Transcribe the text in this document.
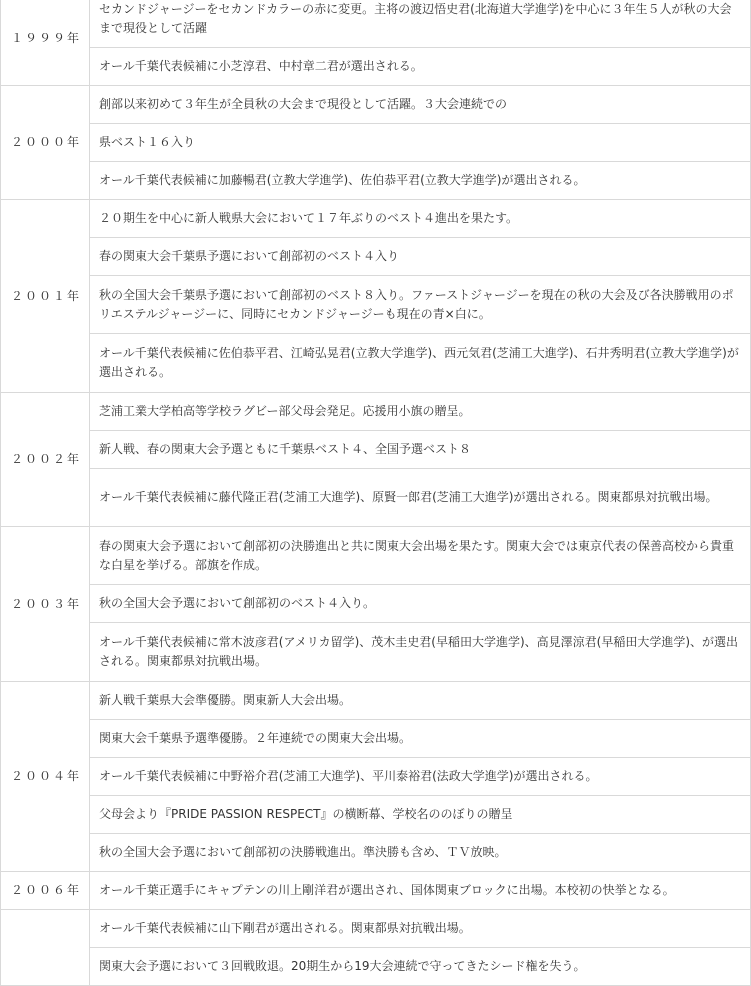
１９９９年	セカンドジャージーをセカンドカラーの赤に変更。主将の渡辺悟史君(北海道大学進学)を中心に３年生５人が秋の大会まで現役として活躍
	オール千葉代表候補に小芝淳君、中村章二君が選出される。
２０００年	創部以来初めて３年生が全員秋の大会まで現役として活躍。３大会連続での
	県ベスト１６入り
	オール千葉代表候補に加藤暢君(立教大学進学)、佐伯恭平君(立教大学進学)が選出される。
２００１年	２０期生を中心に新人戦県大会において１７年ぶりのベスト４進出を果たす。
	春の関東大会千葉県予選において創部初のベスト４入り
	秋の全国大会千葉県予選において創部初のベスト８入り。ファーストジャージーを現在の秋の大会及び各決勝戦用のポリエステルジャージーに、同時にセカンドジャージーも現在の青×白に。
	オール千葉代表候補に佐伯恭平君、江崎弘晃君(立教大学進学)、西元気君(芝浦工大進学)、石井秀明君(立教大学進学)が選出される。
２００２年	芝浦工業大学柏高等学校ラグビー部父母会発足。応援用小旗の贈呈。
	新人戦、春の関東大会予選ともに千葉県ベスト４、全国予選ベスト８
	オール千葉代表候補に藤代隆正君(芝浦工大進学)、原賢一郎君(芝浦工大進学)が選出される。関東都県対抗戦出場。
２００３年	春の関東大会予選において創部初の決勝進出と共に関東大会出場を果たす。関東大会では東京代表の保善高校から貴重な白星を挙げる。部旗を作成。
	秋の全国大会予選において創部初のベスト４入り。
	オール千葉代表候補に常木波彦君(アメリカ留学)、茂木圭史君(早稲田大学進学)、高見澤涼君(早稲田大学進学)、が選出される。関東都県対抗戦出場。
２００４年	新人戦千葉県大会準優勝。関東新人大会出場。
	関東大会千葉県予選準優勝。２年連続での関東大会出場。
	オール千葉代表候補に中野裕介君(芝浦工大進学)、平川泰裕君(法政大学進学)が選出される。
	父母会より『PRIDE PASSION RESPECT』の横断幕、学校名ののぼりの贈呈
	秋の全国大会予選において創部初の決勝戦進出。準決勝も含め、ＴＶ放映。
２００６年	オール千葉正選手にキャプテンの川上剛洋君が選出され、国体関東ブロックに出場。本校初の快挙となる。
	オール千葉代表候補に山下剛君が選出される。関東都県対抗戦出場。
	関東大会予選において３回戦敗退。20期生から19大会連続で守ってきたシード権を失う。
